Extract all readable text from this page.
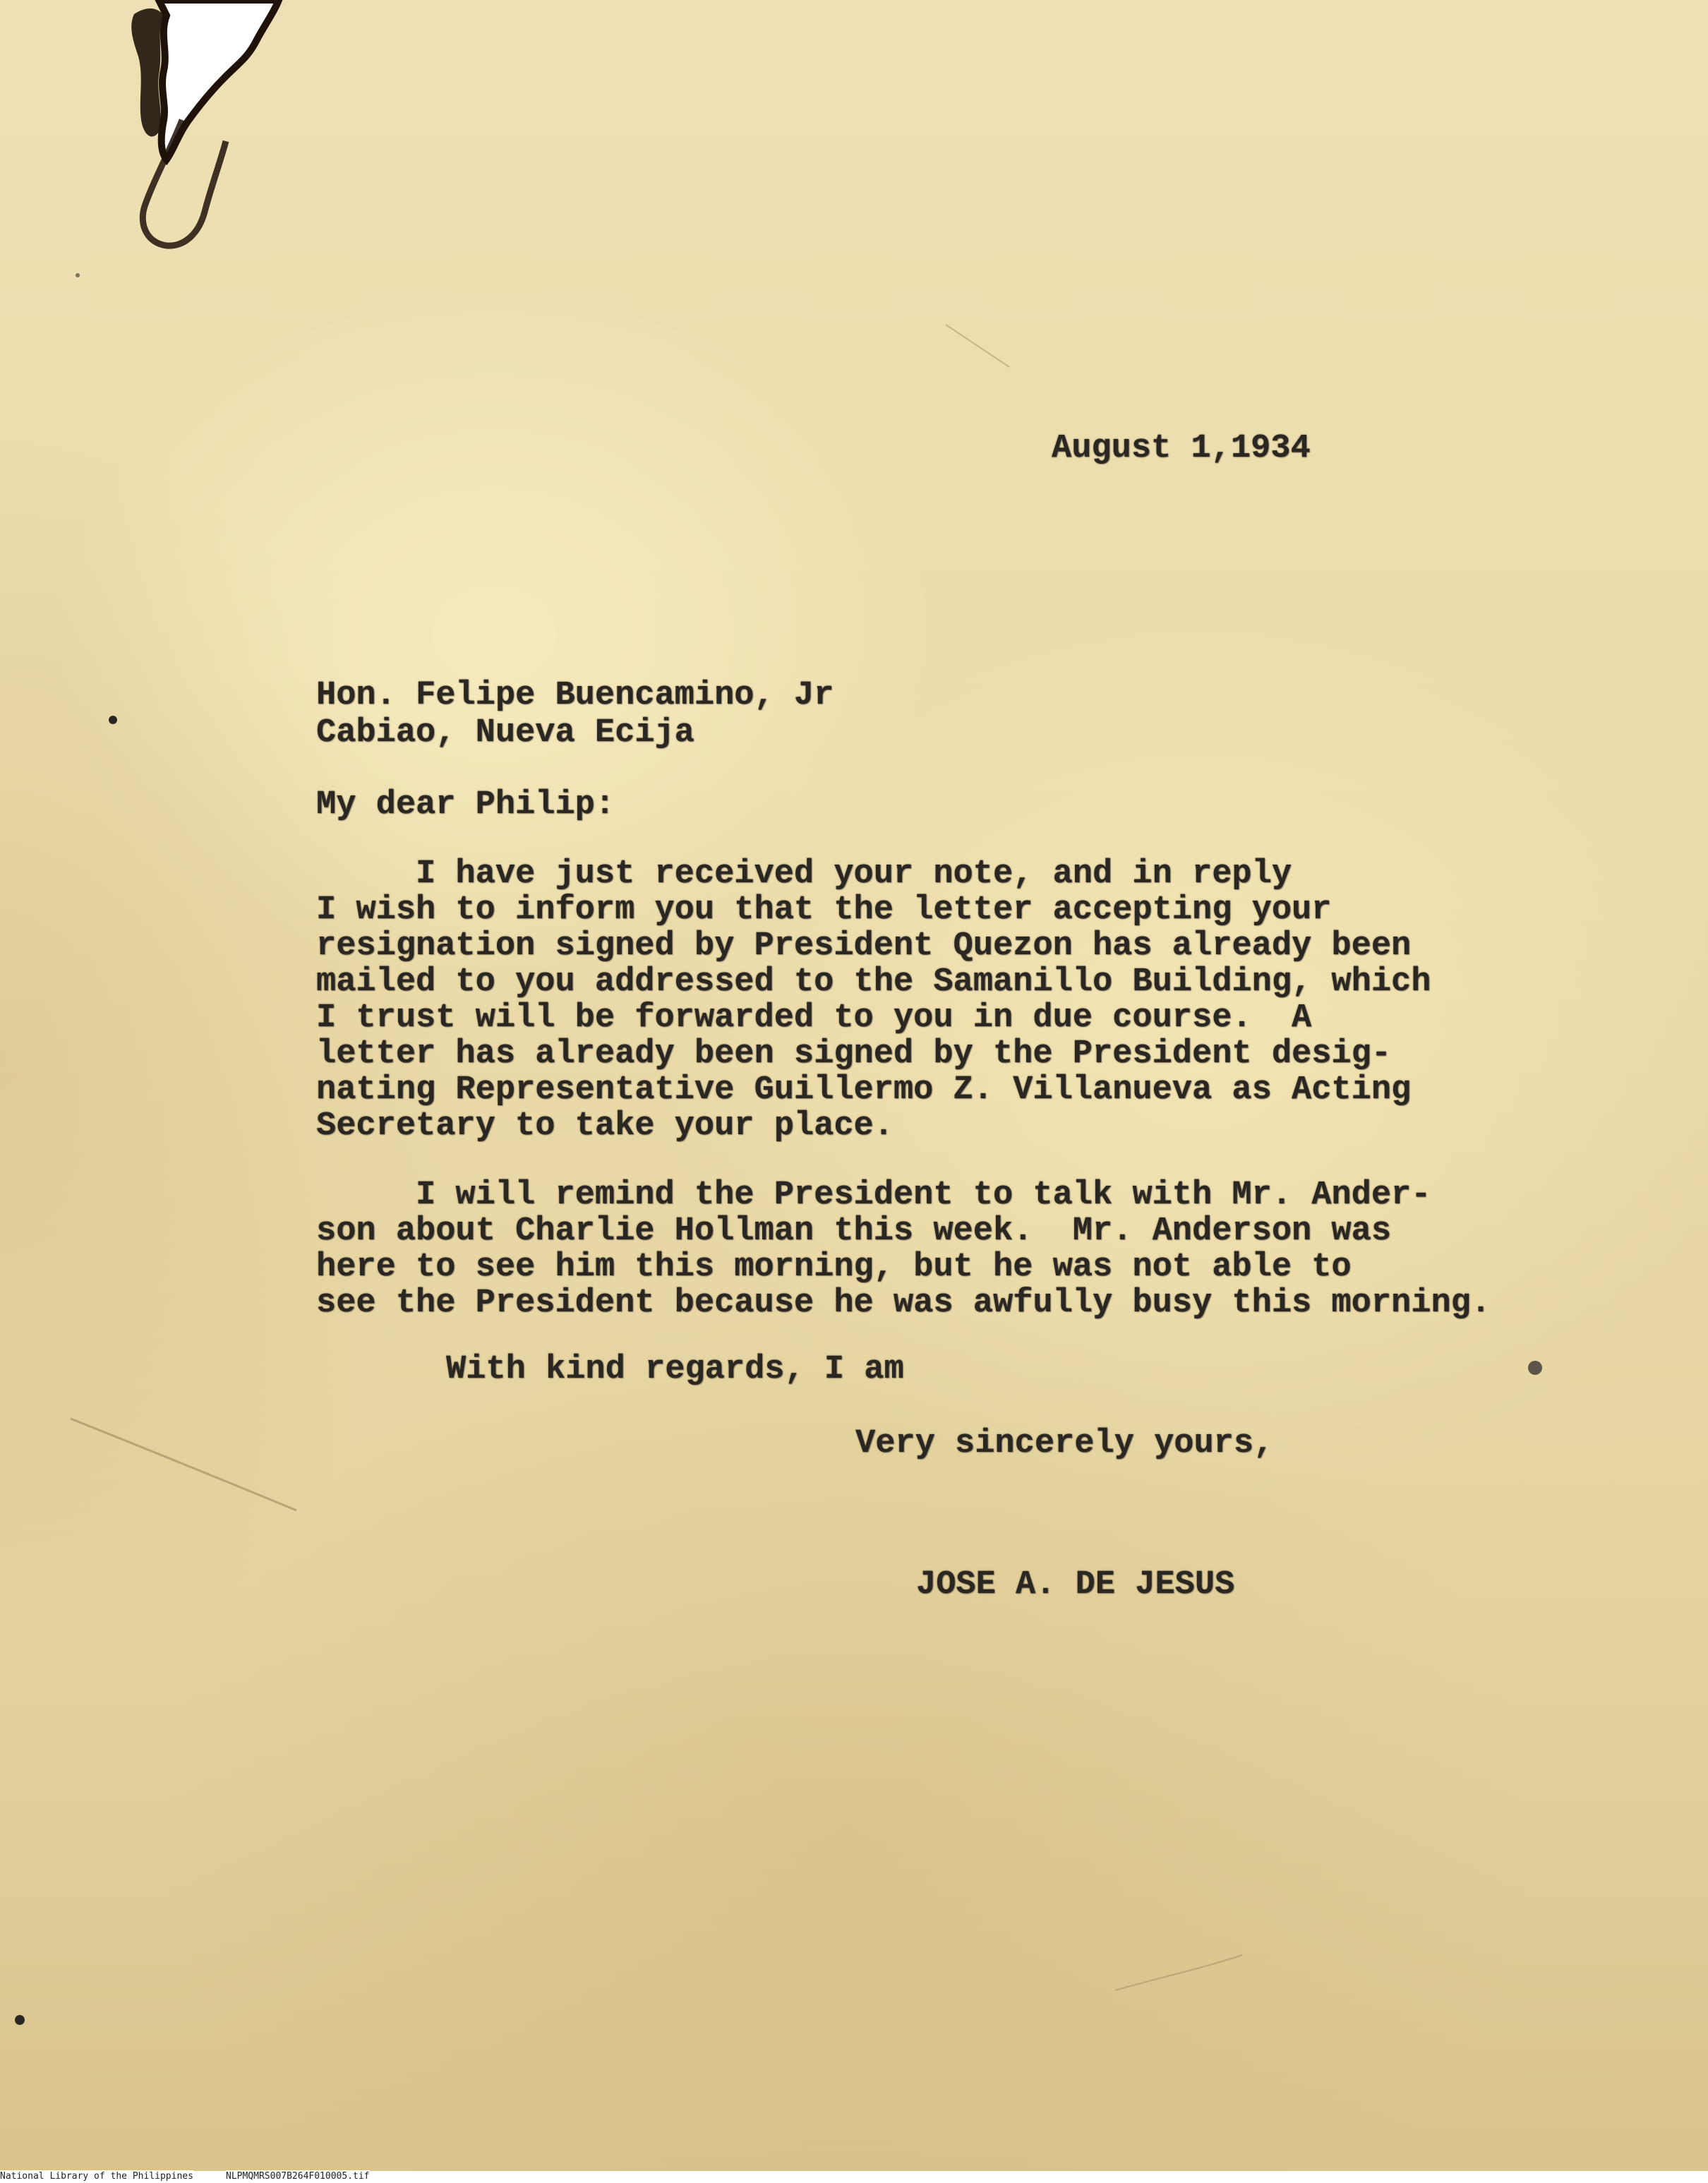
August 1,1934
Hon. Felipe Buencamino, Jr
Cabiao, Nueva Ecija
My dear Philip:
I have just received your note, and in reply
I wish to inform you that the letter accepting your
resignation signed by President Quezon has already been
mailed to you addressed to the Samanillo Building, which
I trust will be forwarded to you in due course.  A
letter has already been signed by the President desig-
nating Representative Guillermo Z. Villanueva as Acting
Secretary to take your place.
I will remind the President to talk with Mr. Ander-
son about Charlie Hollman this week.  Mr. Anderson was
here to see him this morning, but he was not able to
see the President because he was awfully busy this morning.
With kind regards, I am
Very sincerely yours,
JOSE A. DE JESUS
National Library of the Philippines	NLPMQMRS007B264F010005.tif
